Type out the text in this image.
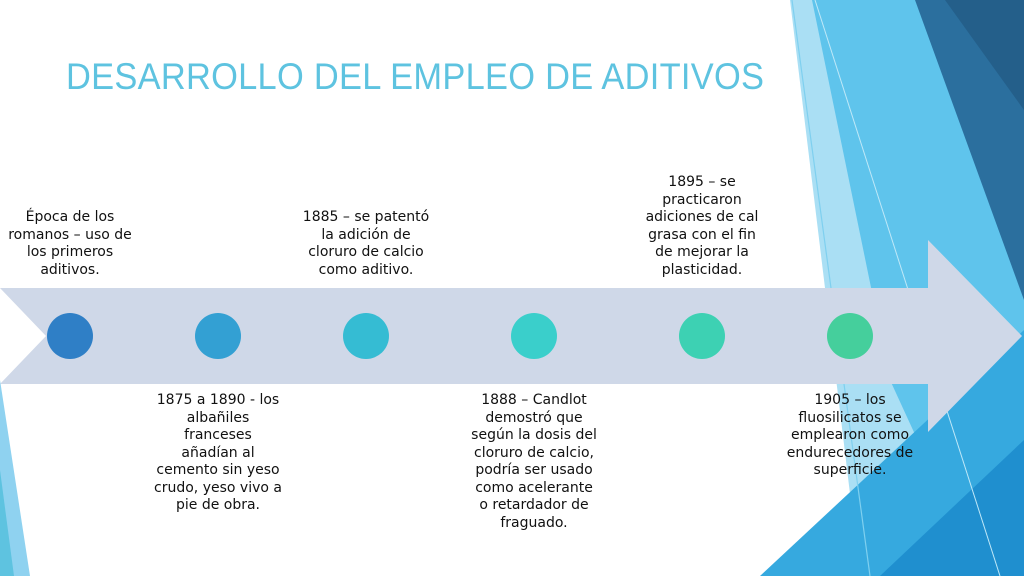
DESARROLLO DEL EMPLEO DE ADITIVOS
Época de los romanos – uso de los primeros aditivos.
1875 a 1890 - los albañiles franceses añadían al cemento sin yeso crudo, yeso vivo a pie de obra.
1885 – se patentó la adición de cloruro de calcio como aditivo.
1888 – Candlot demostró que según la dosis del cloruro de calcio, podría ser usado como acelerante o retardador de fraguado.
1895 – se practicaron adiciones de cal grasa con el fin de mejorar la plasticidad.
1905 – los fluosilicatos se emplearon como endurecedores de superficie.
